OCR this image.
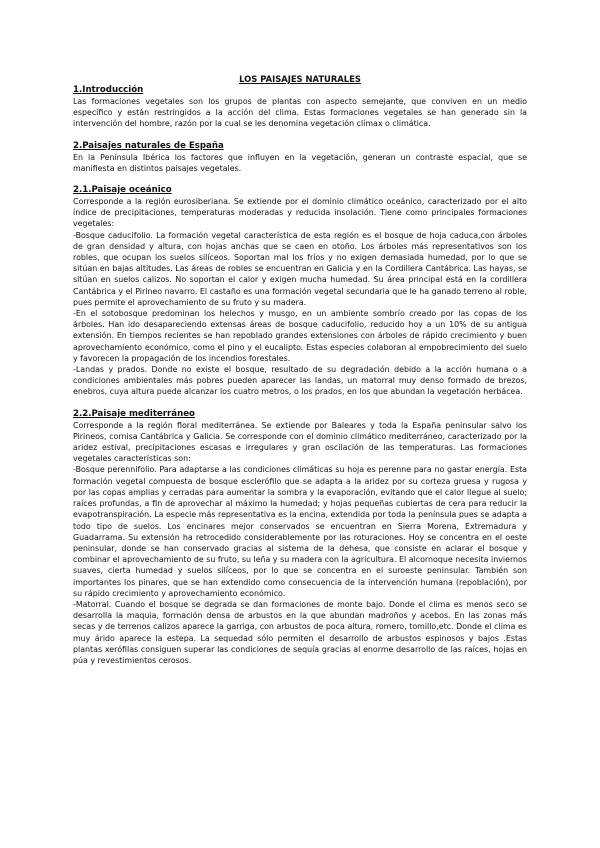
LOS PAISAJES NATURALES

1.Introducción

Las formaciones vegetales son los grupos de plantas con aspecto semejante, que conviven en un medio específico y están restringidos a la acción del clima. Estas formaciones vegetales se han generado sin la intervención del hombre, razón por la cual se les denomina vegetación clímax o climática.

2.Paisajes naturales de España

En la Península Ibérica los factores que influyen en la vegetación, generan un contraste espacial, que se manifiesta en distintos paisajes vegetales.

2.1.Paisaje oceánico

Corresponde a la región eurosiberiana. Se extiende por el dominio climático oceánico, caracterizado por el alto índice de precipitaciones, temperaturas moderadas y reducida insolación. Tiene como principales formaciones vegetales:

-Bosque caducifolio. La formación vegetal característica de esta región es el bosque de hoja caduca,con árboles de gran densidad y altura, con hojas anchas que se caen en otoño. Los árboles más representativos son los robles, que ocupan los suelos silíceos. Soportan mal los fríos y no exigen demasiada humedad, por lo que se sitúan en bajas altitudes. Las áreas de robles se encuentran en Galicia y en la Cordillera Cantábrica. Las hayas, se sitúan en suelos calizos. No soportan el calor y exigen mucha humedad. Su área principal está en la cordillera Cantábrica y el Pirineo navarro. El castaño es una formación vegetal secundaria que le ha ganado terreno al roble, pues permite el aprovechamiento de su fruto y su madera.

-En el sotobosque predominan los helechos y musgo, en un ambiente sombrío creado por las copas de los árboles. Han ido desapareciendo extensas áreas de bosque caducifolio, reducido hoy a un 10% de su antigua extensión. En tiempos recientes se han repoblado grandes extensiones con árboles de rápido crecimiento y buen aprovechamiento económico, como el pino y el eucalipto. Estas especies colaboran al empobrecimiento del suelo y favorecen la propagación de los incendios forestales.

-Landas y prados. Donde no existe el bosque, resultado de su degradación debido a la acción humana o a condiciones ambientales más pobres pueden aparecer las landas, un matorral muy denso formado de brezos, enebros, cuya altura puede alcanzar los cuatro metros, o los prados, en los que abundan la vegetación herbácea.

2.2.Paisaje mediterráneo

Corresponde a la región floral mediterránea. Se extiende por Baleares y toda la España peninsular salvo los Pirineos, cornisa Cantábrica y Galicia. Se corresponde con el dominio climático mediterráneo, caracterizado por la aridez estival, precipitaciones escasas e irregulares y gran oscilación de las temperaturas. Las formaciones vegetales características son:

-Bosque perennifolio. Para adaptarse a las condiciones climáticas su hoja es perenne para no gastar energía. Esta formación vegetal compuesta de bosque esclerófilo que se adapta a la aridez por su corteza gruesa y rugosa y por las copas amplias y cerradas para aumentar la sombra y la evaporación, evitando que el calor llegue al suelo; raíces profundas, a fin de aprovechar al máximo la humedad; y hojas pequeñas cubiertas de cera para reducir la evapotranspiración. La especie más representativa es la encina, extendida por toda la península pues se adapta a todo tipo de suelos. Los encinares mejor conservados se encuentran en Sierra Morena, Extremadura y Guadarrama. Su extensión ha retrocedido considerablemente por las roturaciones. Hoy se concentra en el oeste peninsular, donde se han conservado gracias al sistema de la dehesa, que consiste en aclarar el bosque y combinar el aprovechamiento de su fruto, su leña y su madera con la agricultura. El alcornoque necesita inviernos suaves, cierta humedad y suelos silíceos, por lo que se concentra en el suroeste peninsular. También son importantes los pinares, que se han extendido como consecuencia de la intervención humana (repoblación), por su rápido crecimiento y aprovechamiento económico.

-Matorral. Cuando el bosque se degrada se dan formaciones de monte bajo. Donde el clima es menos seco se desarrolla la maquia, formación densa de arbustos en la que abundan madroños y acebos. En las zonas más secas y de terrenos calizos aparece la garriga, con arbustos de poca altura, romero, tomillo,etc. Donde el clima es muy árido aparece la estepa. La sequedad sólo permiten el desarrollo de arbustos espinosos y bajos .Estas plantas xerófilas consiguen superar las condiciones de sequía gracias al enorme desarrollo de las raíces, hojas en púa y revestimientos cerosos.
